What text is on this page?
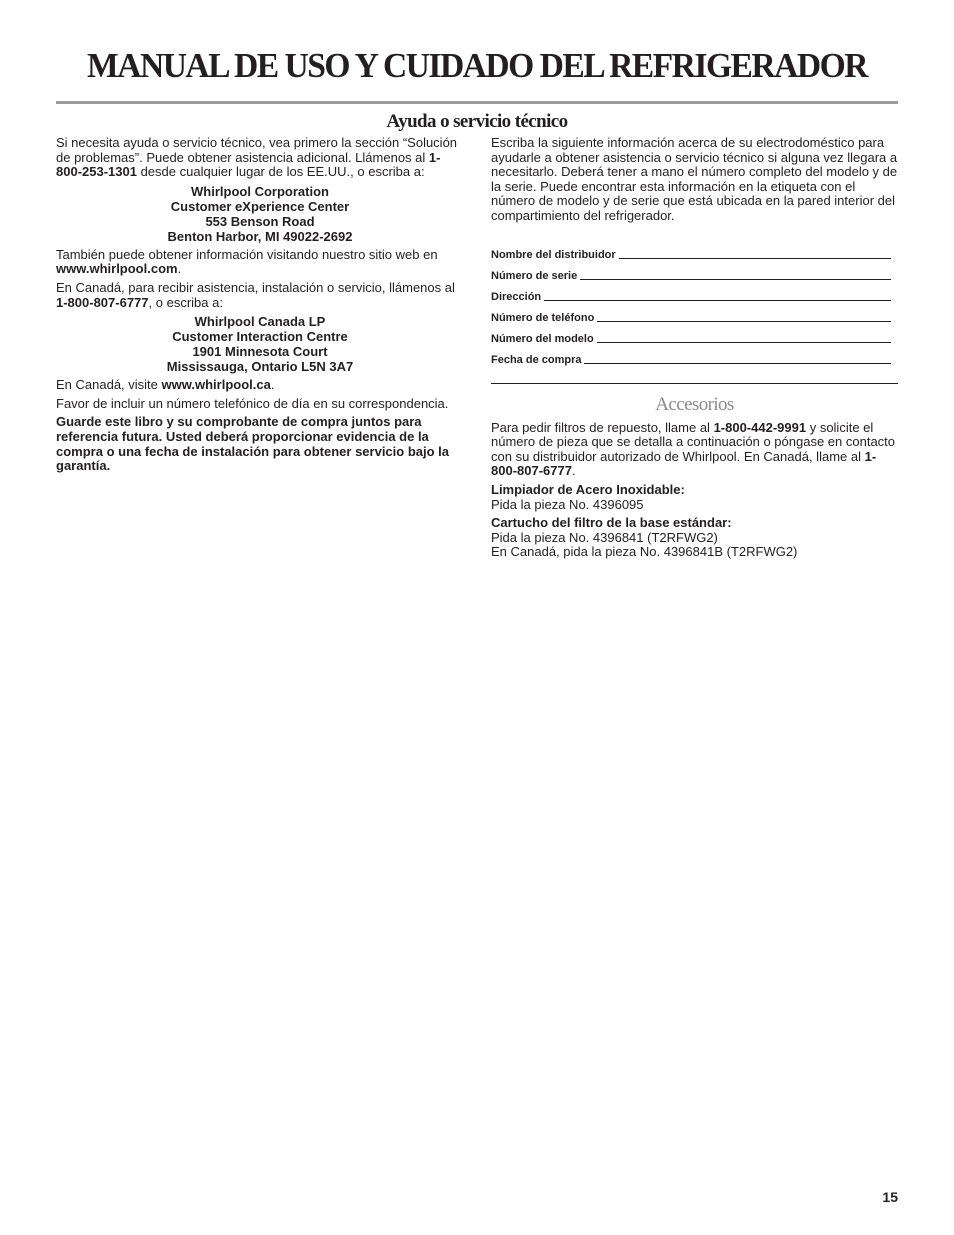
MANUAL DE USO Y CUIDADO DEL REFRIGERADOR
Ayuda o servicio técnico

Si necesita ayuda o servicio técnico, vea primero la sección “Solución de problemas”. Puede obtener asistencia adicional. Llámenos al 1-800-253-1301 desde cualquier lugar de los EE.UU., o escriba a:

Whirlpool Corporation
Customer eXperience Center
553 Benson Road
Benton Harbor, MI 49022-2692

También puede obtener información visitando nuestro sitio web en www.whirlpool.com.

En Canadá, para recibir asistencia, instalación o servicio, llámenos al 1-800-807-6777, o escriba a:

Whirlpool Canada LP
Customer Interaction Centre
1901 Minnesota Court
Mississauga, Ontario L5N 3A7

En Canadá, visite www.whirlpool.ca.

Favor de incluir un número telefónico de día en su correspondencia.

Guarde este libro y su comprobante de compra juntos para referencia futura. Usted deberá proporcionar evidencia de la compra o una fecha de instalación para obtener servicio bajo la garantía.

Escriba la siguiente información acerca de su electrodoméstico para ayudarle a obtener asistencia o servicio técnico si alguna vez llegara a necesitarlo. Deberá tener a mano el número completo del modelo y de la serie. Puede encontrar esta información en la etiqueta con el número de modelo y de serie que está ubicada en la pared interior del compartimiento del refrigerador.

Nombre del distribuidor
Número de serie
Dirección
Número de teléfono
Número del modelo
Fecha de compra
Accesorios

Para pedir filtros de repuesto, llame al 1-800-442-9991 y solicite el número de pieza que se detalla a continuación o póngase en contacto con su distribuidor autorizado de Whirlpool. En Canadá, llame al 1-800-807-6777.

Limpiador de Acero Inoxidable:
Pida la pieza No. 4396095

Cartucho del filtro de la base estándar:
Pida la pieza No. 4396841 (T2RFWG2)
En Canadá, pida la pieza No. 4396841B (T2RFWG2)

15
